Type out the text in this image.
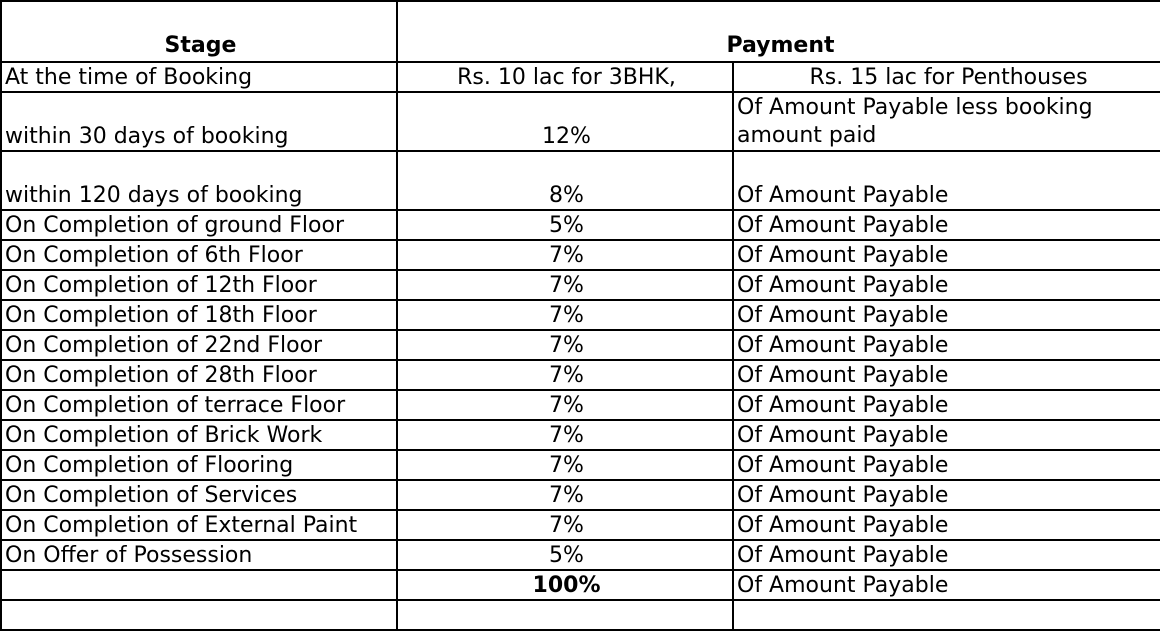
Stage	Payment	
At the time of Booking	Rs. 10 lac for 3BHK,	Rs. 15 lac for Penthouses
within 30 days of booking	12%	Of Amount Payable less booking amount paid
within 120 days of booking	8%	Of Amount Payable
On Completion of ground Floor	5%	Of Amount Payable
On Completion of 6th Floor	7%	Of Amount Payable
On Completion of 12th Floor	7%	Of Amount Payable
On Completion of 18th Floor	7%	Of Amount Payable
On Completion of 22nd Floor	7%	Of Amount Payable
On Completion of 28th Floor	7%	Of Amount Payable
On Completion of terrace Floor	7%	Of Amount Payable
On Completion of Brick Work	7%	Of Amount Payable
On Completion of Flooring	7%	Of Amount Payable
On Completion of Services	7%	Of Amount Payable
On Completion of External Paint	7%	Of Amount Payable
On Offer of Possession	5%	Of Amount Payable
	100%	Of Amount Payable
